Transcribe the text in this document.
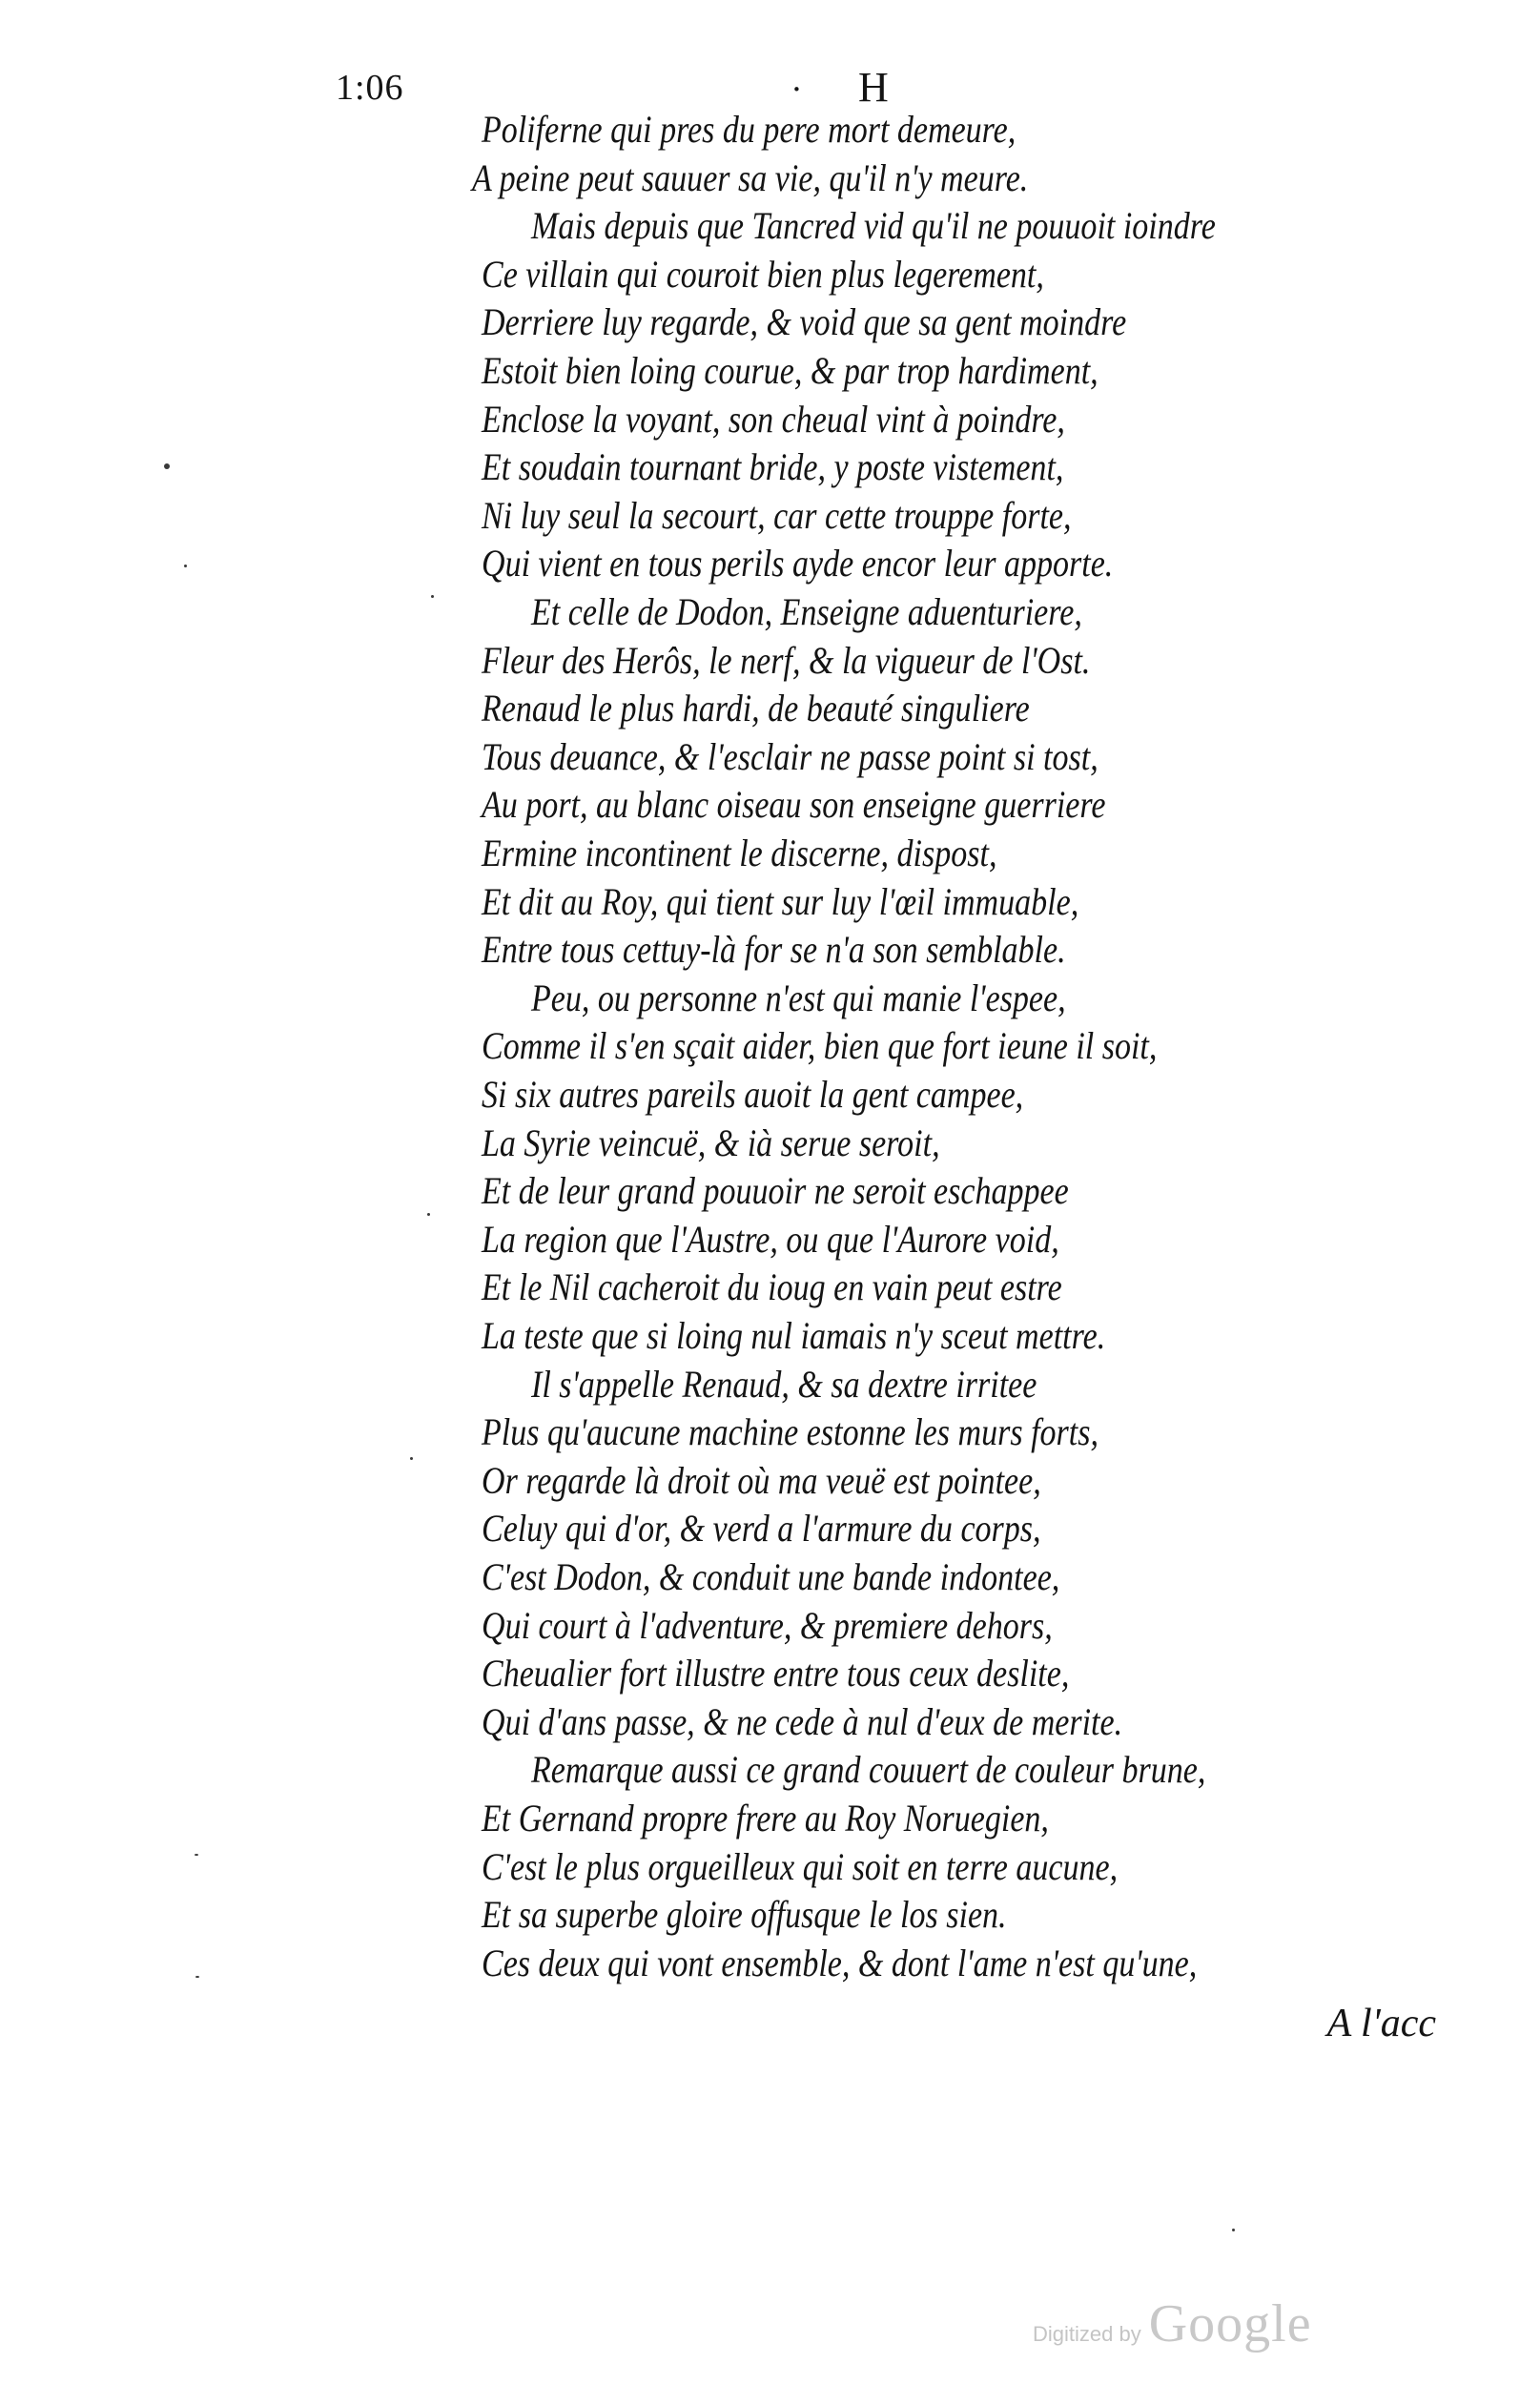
1:06	. H
Poliferne qui pres du pere mort demeure,
A peine peut sauuer sa vie, qu'il n'y meure.
Mais depuis que Tancred vid qu'il ne pouuoit ioindre
Ce villain qui couroit bien plus legerement,
Derriere luy regarde, & void que sa gent moindre
Estoit bien loing courue, & par trop hardiment,
Enclose la voyant, son cheual vint à poindre,
Et soudain tournant bride, y poste vistement,
Ni luy seul la secourt, car cette trouppe forte,
Qui vient en tous perils ayde encor leur apporte.
Et celle de Dodon, Enseigne aduenturiere,
Fleur des Herôs, le nerf, & la vigueur de l'Ost.
Renaud le plus hardi, de beauté singuliere
Tous deuance, & l'esclair ne passe point si tost,
Au port, au blanc oiseau son enseigne guerriere
Ermine incontinent le discerne, dispost,
Et dit au Roy, qui tient sur luy l'œil immuable,
Entre tous cettuy-là for se n'a son semblable.
Peu, ou personne n'est qui manie l'espee,
Comme il s'en sçait aider, bien que fort ieune il soit,
Si six autres pareils auoit la gent campee,
La Syrie veincuë, & ià serue seroit,
Et de leur grand pouuoir ne seroit eschappee
La region que l'Austre, ou que l'Aurore void,
Et le Nil cacheroit du ioug en vain peut estre
La teste que si loing nul iamais n'y sceut mettre.
Il s'appelle Renaud, & sa dextre irritee
Plus qu'aucune machine estonne les murs forts,
Or regarde là droit où ma veuë est pointee,
Celuy qui d'or, & verd a l'armure du corps,
C'est Dodon, & conduit une bande indontee,
Qui court à l'adventure, & premiere dehors,
Cheualier fort illustre entre tous ceux deslite,
Qui d'ans passe, & ne cede à nul d'eux de merite.
Remarque aussi ce grand couuert de couleur brune,
Et Gernand propre frere au Roy Noruegien,
C'est le plus orgueilleux qui soit en terre aucune,
Et sa superbe gloire offusque le los sien.
Ces deux qui vont ensemble, & dont l'ame n'est qu'une,
A l'acc
Digitized by Google
